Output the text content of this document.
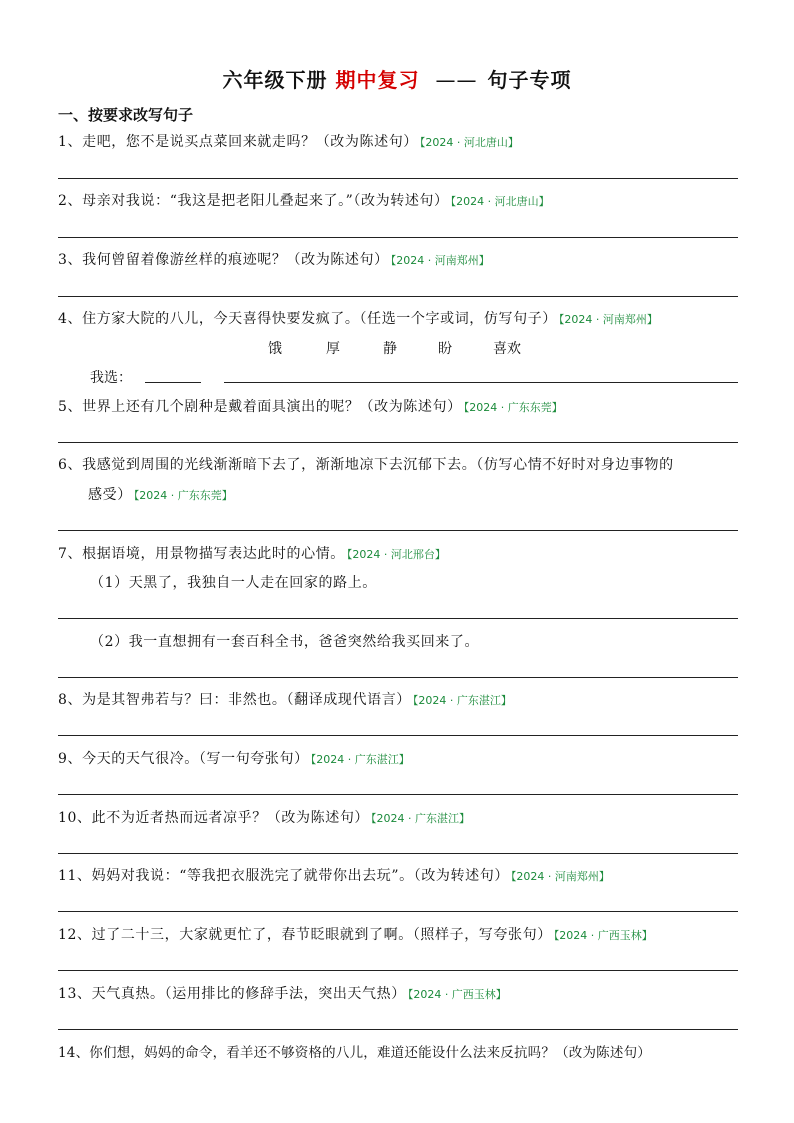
六年级下册 期中复习 —— 句子专项
一、按要求改写句子
1、走吧，您不是说买点菜回来就走吗？（改为陈述句） 【2024 · 河北唐山】
2、母亲对我说：“我这是把老阳儿叠起来了。”（改为转述句） 【2024 · 河北唐山】
3、我何曾留着像游丝样的痕迹呢？（改为陈述句） 【2024 · 河南郑州】
4、住方家大院的八儿，今天喜得快要发疯了。（任选一个字或词，仿写句子） 【2024 · 河南郑州】
饿	厚	静	盼	喜欢
我选：
5、世界上还有几个剧种是戴着面具演出的呢？（改为陈述句） 【2024 · 广东东莞】
6、我感觉到周围的光线渐渐暗下去了，渐渐地凉下去沉郁下去。（仿写心情不好时对身边事物的
感受） 【2024 · 广东东莞】
7、根据语境，用景物描写表达此时的心情。 【2024 · 河北邢台】
（1）天黑了，我独自一人走在回家的路上。
（2）我一直想拥有一套百科全书，爸爸突然给我买回来了。
8、为是其智弗若与？曰：非然也。（翻译成现代语言） 【2024 · 广东湛江】
9、今天的天气很冷。（写一句夸张句） 【2024 · 广东湛江】
10、此不为近者热而远者凉乎？（改为陈述句） 【2024 · 广东湛江】
11、妈妈对我说：“等我把衣服洗完了就带你出去玩”。（改为转述句） 【2024 · 河南郑州】
12、过了二十三，大家就更忙了，春节眨眼就到了啊。（照样子，写夸张句） 【2024 · 广西玉林】
13、天气真热。（运用排比的修辞手法，突出天气热） 【2024 · 广西玉林】
14、你们想，妈妈的命令，看羊还不够资格的八儿，难道还能设什么法来反抗吗？（改为陈述句）
